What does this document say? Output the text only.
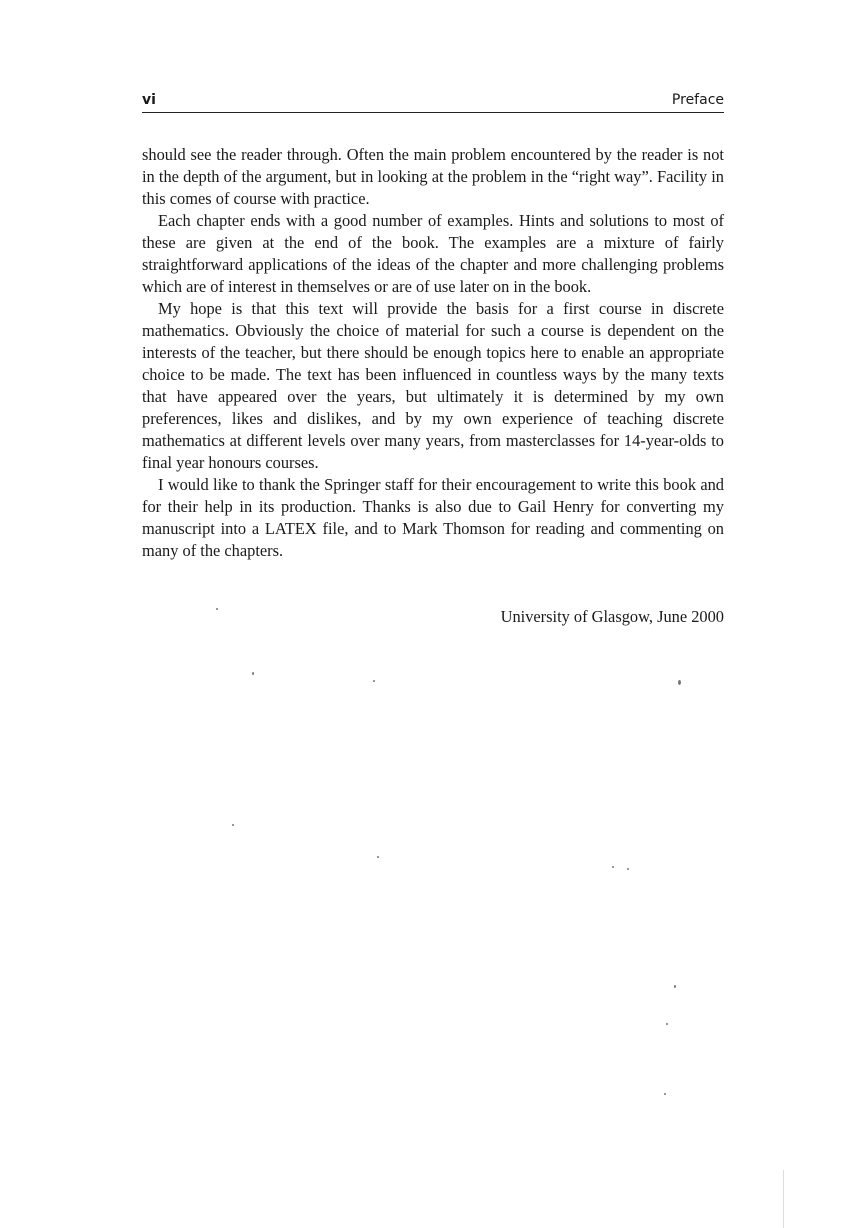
vi	Preface

should see the reader through. Often the main problem encountered by the reader is not in the depth of the argument, but in looking at the problem in the “right way”. Facility in this comes of course with practice.

Each chapter ends with a good number of examples. Hints and solutions to most of these are given at the end of the book. The examples are a mixture of fairly straightforward applications of the ideas of the chapter and more challenging problems which are of interest in themselves or are of use later on in the book.

My hope is that this text will provide the basis for a first course in discrete mathematics. Obviously the choice of material for such a course is dependent on the interests of the teacher, but there should be enough topics here to enable an appropriate choice to be made. The text has been influenced in countless ways by the many texts that have appeared over the years, but ultimately it is determined by my own preferences, likes and dislikes, and by my own experience of teaching discrete mathematics at different levels over many years, from masterclasses for 14-year-olds to final year honours courses.

I would like to thank the Springer staff for their encouragement to write this book and for their help in its production. Thanks is also due to Gail Henry for converting my manuscript into a LATEX file, and to Mark Thomson for reading and commenting on many of the chapters.

University of Glasgow, June 2000
